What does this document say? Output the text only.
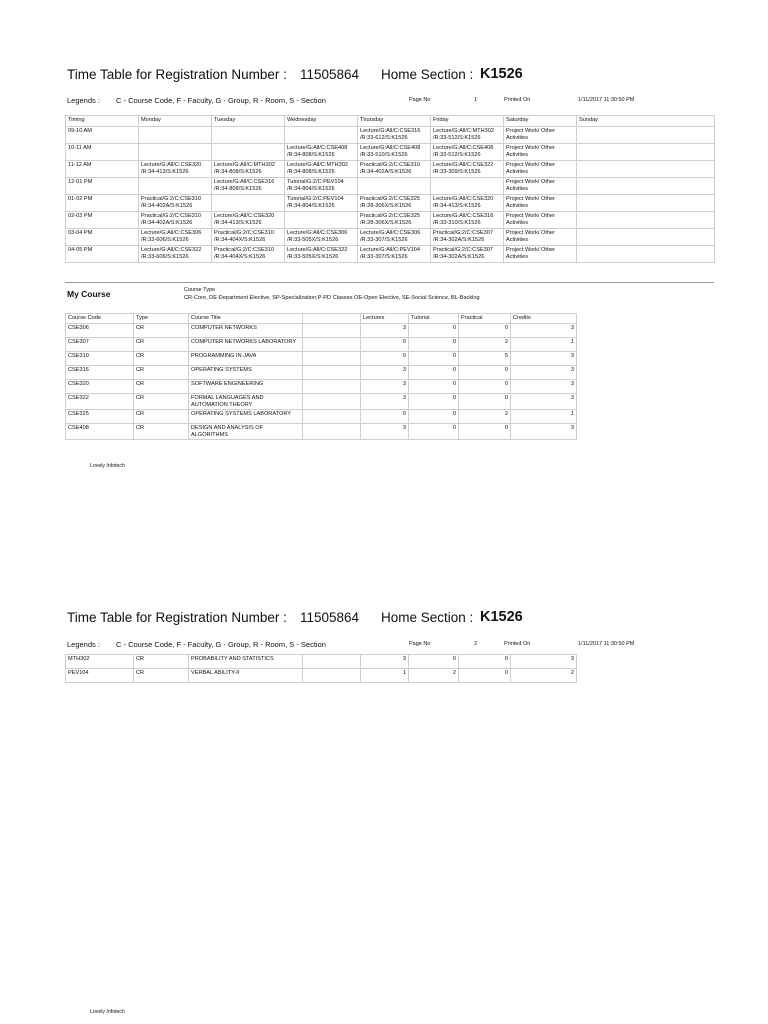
Time Table for Registration Number : 11505864 Home Section : K1526
Legends : C - Course Code, F - Faculty, G - Group, R - Room, S - Section	Page No	1	Printed On	1/11/2017 11:30:50 PM
Timing	Monday	Tuesday	Wednesday	Thursday	Friday	Saturday	Sunday
09-10 AM				Lecture/G:All/C:CSE316 /R:33-612/S:K1526	Lecture/G:All/C:MTH302 /R:33-512/S:K1526	Project Work/ Other Activities	
10-11 AM			Lecture/G:All/C:CSE408 /R:34-808/S:K1526	Lecture/G:All/C:CSE408 /R:33-510/S:K1526	Lecture/G:All/C:CSE408 /R:33-512/S:K1526	Project Work/ Other Activities	
11-12 AM	Lecture/G:All/C:CSE320 /R:34-413/S:K1526	Lecture/G:All/C:MTH302 /R:34-808/S:K1526	Lecture/G:All/C:MTH302 /R:34-808/S:K1526	Practical/G:2/C:CSE310 /R:34-402A/S:K1526	Lecture/G:All/C:CSE322 /R:33-309/S:K1526	Project Work/ Other Activities	
12-01 PM		Lecture/G:All/C:CSE316 /R:34-808/S:K1526	Tutorial/G:2/C:PEV104 /R:34-804/S:K1526			Project Work/ Other Activities	
01-02 PM	Practical/G:2/C:CSE310 /R:34-402A/S:K1526		Tutorial/G:2/C:PEV104 /R:34-804/S:K1526	Practical/G:2/C:CSE325 /R:28-306X/S:K1526	Lecture/G:All/C:CSE320 /R:34-413/S:K1526	Project Work/ Other Activities	
02-03 PM	Practical/G:2/C:CSE310 /R:34-402A/S:K1526	Lecture/G:All/C:CSE320 /R:34-413/S:K1526		Practical/G:2/C:CSE325 /R:28-306X/S:K1526	Lecture/G:All/C:CSE316 /R:33-310/S:K1526	Project Work/ Other Activities	
03-04 PM	Lecture/G:All/C:CSE306 /R:33-606/S:K1526	Practical/G:2/C:CSE310 /R:34-404X/S:K1526	Lecture/G:All/C:CSE306 /R:33-505X/S:K1526	Lecture/G:All/C:CSE306 /R:33-307/S:K1526	Practical/G:2/C:CSE307 /R:34-302A/S:K1526	Project Work/ Other Activities	
04-05 PM	Lecture/G:All/C:CSE322 /R:33-606/S:K1526	Practical/G:2/C:CSE310 /R:34-404X/S:K1526	Lecture/G:All/C:CSE322 /R:33-505X/S:K1526	Lecture/G:All/C:PEV104 /R:33-307/S:K1526	Practical/G:2/C:CSE307 /R:34-302A/S:K1526	Project Work/ Other Activities	
My Course	Course Type
CR-Core, DE-Department Elective, SP-Specialization,P-PD Classes OE-Open Elective, SE-Social Science, BL-Backlog
Course Code	Type	Course Title		Lectures	Tutorial	Practical	Credits
CSE306	CR	COMPUTER NETWORKS		3	0	0	3
CSE307	CR	COMPUTER NETWORKS LABORATORY		0	0	2	1
CSE310	CR	PROGRAMMING IN JAVA		0	0	5	3
CSE316	CR	OPERATING SYSTEMS		3	0	0	3
CSE320	CR	SOFTWARE ENGINEERING		3	0	0	3
CSE322	CR	FORMAL LANGUAGES AND AUTOMATION THEORY		3	0	0	3
CSE325	CR	OPERATING SYSTEMS LABORATORY		0	0	2	1
CSE408	CR	DESIGN AND ANALYSIS OF ALGORITHMS		3	0	0	3
Lovely Infotech
Time Table for Registration Number : 11505864 Home Section : K1526
Legends : C - Course Code, F - Faculty, G - Group, R - Room, S - Section	Page No	2	Printed On	1/11/2017 11:30:50 PM
MTH302	CR	PROBABILITY AND STATISTICS		3	0	0	3
PEV104	CR	VERBAL ABILITY-II		1	2	0	2
Lovely Infotech
